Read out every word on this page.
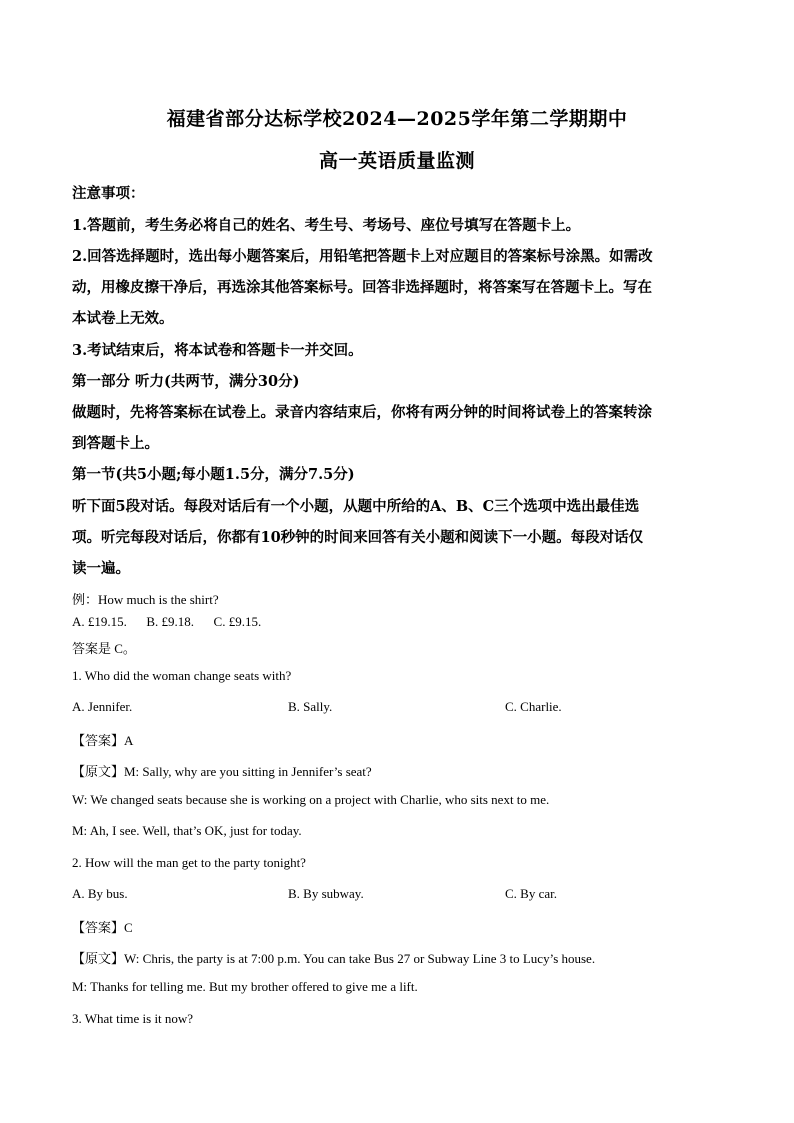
福建省部分达标学校2024—2025学年第二学期期中
高一英语质量监测
注意事项：
1.答题前，考生务必将自己的姓名、考生号、考场号、座位号填写在答题卡上。
2.回答选择题时，选出每小题答案后，用铅笔把答题卡上对应题目的答案标号涂黑。如需改
动，用橡皮擦干净后，再选涂其他答案标号。回答非选择题时，将答案写在答题卡上。写在
本试卷上无效。
3.考试结束后，将本试卷和答题卡一并交回。
第一部分 听力(共两节，满分30分)
做题时，先将答案标在试卷上。录音内容结束后，你将有两分钟的时间将试卷上的答案转涂
到答题卡上。
第一节(共5小题;每小题1.5分，满分7.5分)
听下面5段对话。每段对话后有一个小题，从题中所给的A、B、C三个选项中选出最佳选
项。听完每段对话后，你都有10秒钟的时间来回答有关小题和阅读下一小题。每段对话仅
读一遍。
例：How much is the shirt?
A. £19.15.      B. £9.18.      C. £9.15.
答案是 C。
1. Who did the woman change seats with?
A. Jennifer.	B. Sally.	C. Charlie.
【答案】A
【原文】M: Sally, why are you sitting in Jennifer’s seat?
W: We changed seats because she is working on a project with Charlie, who sits next to me.
M: Ah, I see. Well, that’s OK, just for today.
2. How will the man get to the party tonight?
A. By bus.	B. By subway.	C. By car.
【答案】C
【原文】W: Chris, the party is at 7:00 p.m. You can take Bus 27 or Subway Line 3 to Lucy’s house.
M: Thanks for telling me. But my brother offered to give me a lift.
3. What time is it now?
